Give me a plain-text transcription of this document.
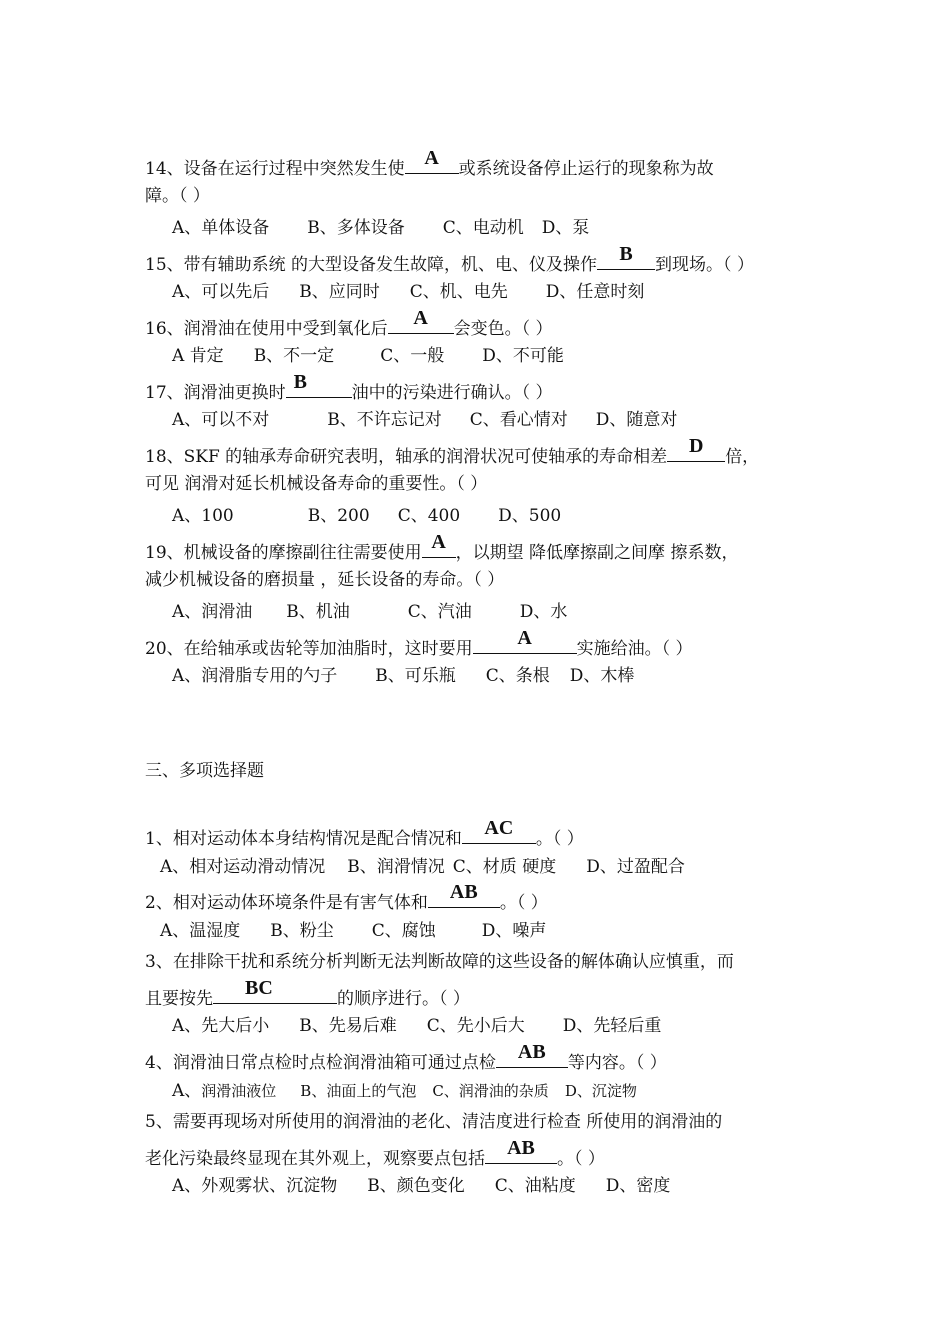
14、设备在运行过程中突然发生使 A	或系统设备停止运行的现象称为故
障。（ ）
A、单体设备 B、多体设备 C、电动机 D、泵
15、带有辅助系统 的大型设备发生故障，机、电、仪及操作	B	到现场。（ ）
A、可以先后 B、应同时 C、机、电先 D、任意时刻
16、润滑油在使用中受到氧化后	A	会变色。（ ）
A 肯定 B、不一定	C、一般 D、不可能
17、润滑油更换时 B	油中的污染进行确认。（ ）
A、可以不对	B、不许忘记对 C、看心情对 D、随意对
18、SKF 的轴承寿命研究表明，轴承的润滑状况可使轴承的寿命相差	D	倍，
可见 润滑对延长机械设备寿命的重要性。（ ）
A、100	B、200 C、400 D、500
19、机械设备的摩擦副往往需要使用 A ，以期望 降低摩擦副之间摩 擦系数，
减少机械设备的磨损量 ，延长设备的寿命。（ ）
A、润滑油 B、机油	C、汽油	D、水
20、在给轴承或齿轮等加油脂时，这时要用	A	实施给油。（ ）
A、润滑脂专用的勺子 B、可乐瓶 C、条根 D、木棒
三、多项选择题
1、相对运动体本身结构情况是配合情况和	AC	。（ ）
A、相对运动滑动情况 B、润滑情况 C、材质 硬度 D、过盈配合
2、相对运动体环境条件是有害气体和	AB	。（ ）
A、温湿度 B、粉尘 C、腐蚀	D、噪声
3、在排除干扰和系统分析判断无法判断故障的这些设备的解体确认应慎重，而
且要按先	BC	的顺序进行。（ ）
A、先大后小 B、先易后难 C、先小后大 D、先轻后重
4、润滑油日常点检时点检润滑油箱可通过点检	AB	等内容。（ ）
A、润滑油液位 B、油面上的气泡 C、润滑油的杂质 D、沉淀物
5、需要再现场对所使用的润滑油的老化、清洁度进行检查 所使用的润滑油的
老化污染最终显现在其外观上，观察要点包括	AB	。（ ）
A、外观雾状、沉淀物 B、颜色变化 C、油粘度 D、密度
